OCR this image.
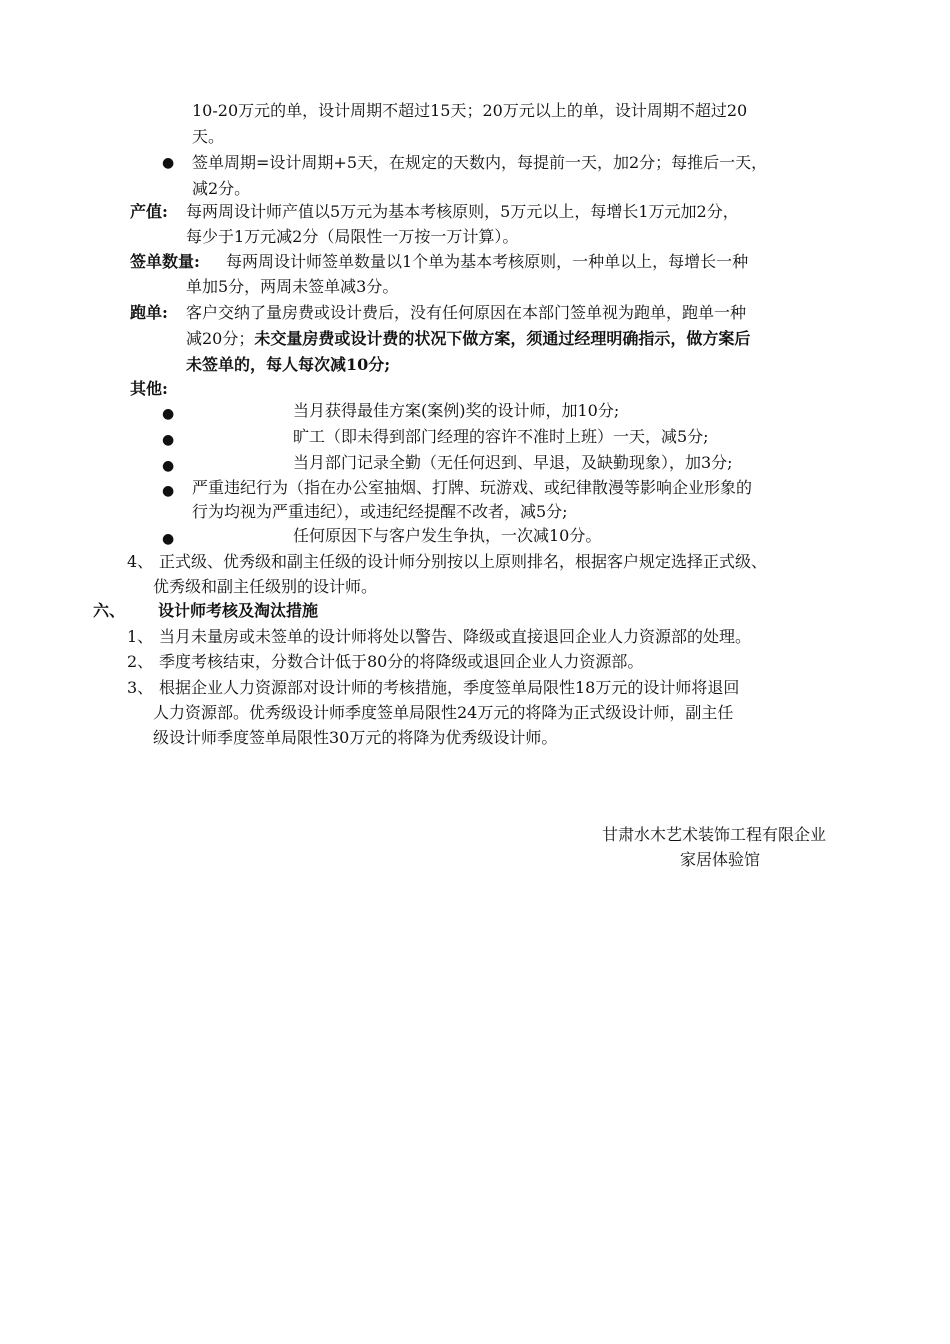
10-20万元的单，设计周期不超过15天；20万元以上的单，设计周期不超过20
天。
● 签单周期=设计周期+5天，在规定的天数内，每提前一天，加2分；每推后一天，
减2分。
产值: 每两周设计师产值以5万元为基本考核原则，5万元以上，每增长1万元加2分，
每少于1万元减2分（局限性一万按一万计算）。
签单数量: 每两周设计师签单数量以1个单为基本考核原则，一种单以上，每增长一种
单加5分，两周未签单减3分。
跑单: 客户交纳了量房费或设计费后，没有任何原因在本部门签单视为跑单，跑单一种
减20分；未交量房费或设计费的状况下做方案，须通过经理明确指示，做方案后
未签单的，每人每次减10分;
其他:
●	当月获得最佳方案(案例)奖的设计师，加10分;
●	旷工（即未得到部门经理的容许不准时上班）一天，减5分;
●	当月部门记录全勤（无任何迟到、早退，及缺勤现象），加3分;
● 严重违纪行为（指在办公室抽烟、打牌、玩游戏、或纪律散漫等影响企业形象的
行为均视为严重违纪），或违纪经提醒不改者，减5分;
●	任何原因下与客户发生争执，一次减10分。
4、 正式级、优秀级和副主任级的设计师分别按以上原则排名，根据客户规定选择正式级、
优秀级和副主任级别的设计师。
六、 设计师考核及淘汰措施
1、 当月未量房或未签单的设计师将处以警告、降级或直接退回企业人力资源部的处理。
2、 季度考核结束，分数合计低于80分的将降级或退回企业人力资源部。
3、 根据企业人力资源部对设计师的考核措施，季度签单局限性18万元的设计师将退回
人力资源部。优秀级设计师季度签单局限性24万元的将降为正式级设计师，副主任
级设计师季度签单局限性30万元的将降为优秀级设计师。
甘肃水木艺术装饰工程有限企业
家居体验馆
